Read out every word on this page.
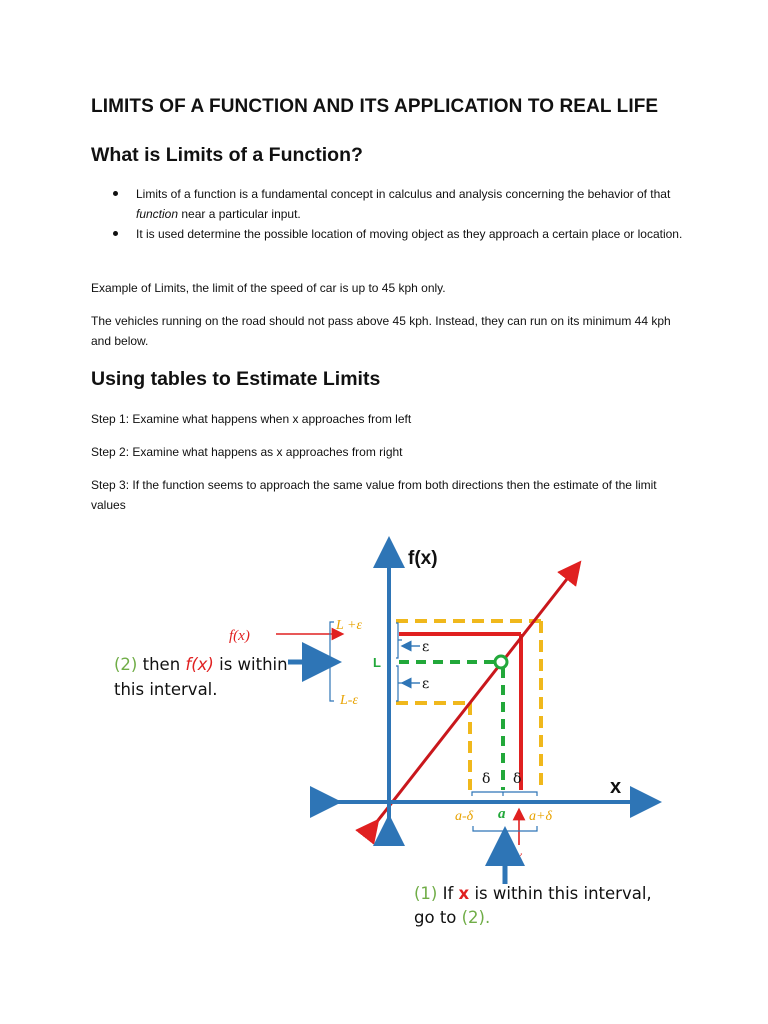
LIMITS OF A FUNCTION AND ITS APPLICATION TO REAL LIFE
What is Limits of a Function?
Limits of a function is a fundamental concept in calculus and analysis concerning the behavior of that function near a particular input.
It is used determine the possible location of moving object as they approach a certain place or location.

Example of Limits, the limit of the speed of car is up to 45 kph only.

The vehicles running on the road should not pass above 45 kph. Instead, they can run on its minimum 44 kph and below.

Using tables to Estimate Limits

Step 1: Examine what happens when x approaches from left

Step 2: Examine what happens as x approaches from right

Step 3: If the function seems to approach the same value from both directions then the estimate of the limit values

f(x)
x
f(x)
L +ε
L-ε
L
ε
ε
δ δ
a-δ a a+δ
x
(2) then f(x) is within
this interval.
(1) If x is within this interval,
go to (2).
